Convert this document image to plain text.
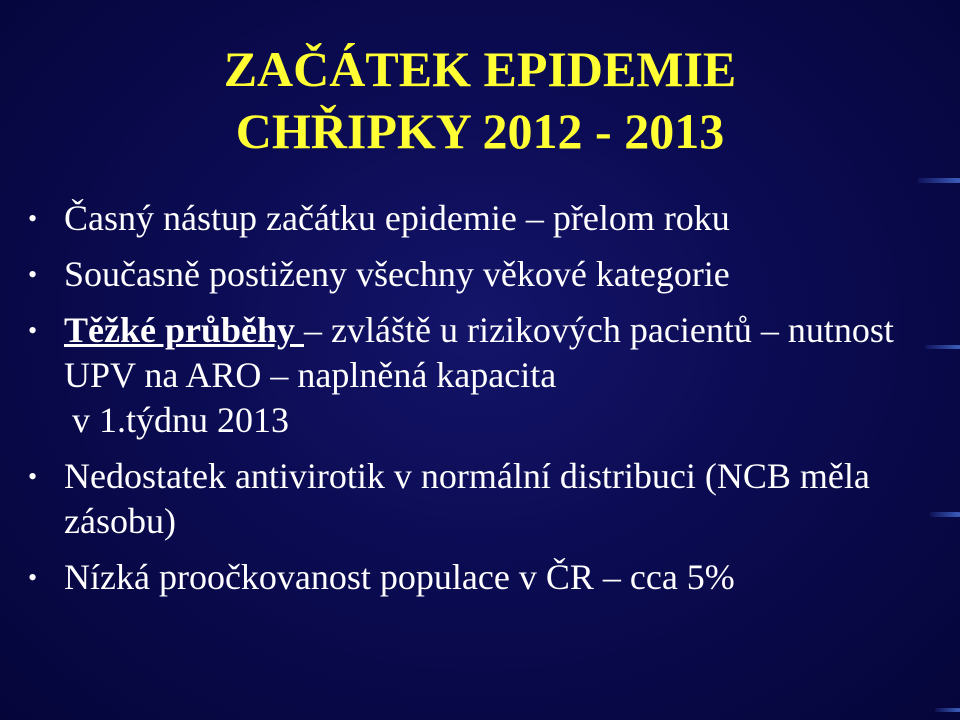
ZAČÁTEK EPIDEMIE
CHŘIPKY 2012 - 2013
• Časný nástup začátku epidemie – přelom roku
• Současně postiženy všechny věkové kategorie
• Těžké průběhy – zvláště u rizikových pacientů – nutnost UPV na ARO – naplněná kapacita
v 1.týdnu 2013
• Nedostatek antivirotik v normální distribuci (NCB měla zásobu)
• Nízká proočkovanost populace v ČR – cca 5%
